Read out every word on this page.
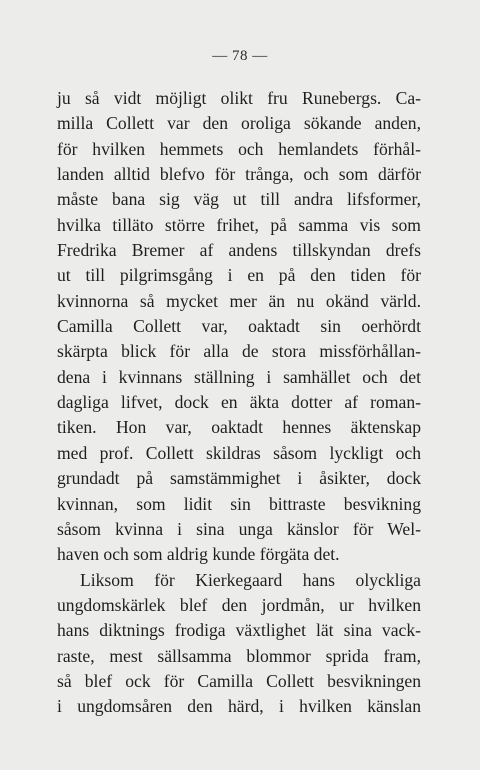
— 78 —
ju så vidt möjligt olikt fru Runebergs. Ca-
milla Collett var den oroliga sökande anden,
för hvilken hemmets och hemlandets förhål-
landen alltid blefvo för trånga, och som därför
måste bana sig väg ut till andra lifsformer,
hvilka tilläto större frihet, på samma vis som
Fredrika Bremer af andens tillskyndan drefs
ut till pilgrimsgång i en på den tiden för
kvinnorna så mycket mer än nu okänd värld.
Camilla Collett var, oaktadt sin oerhördt
skärpta blick för alla de stora missförhållan-
dena i kvinnans ställning i samhället och det
dagliga lifvet, dock en äkta dotter af roman-
tiken. Hon var, oaktadt hennes äktenskap
med prof. Collett skildras såsom lyckligt och
grundadt på samstämmighet i åsikter, dock
kvinnan, som lidit sin bittraste besvikning
såsom kvinna i sina unga känslor för Wel-
haven och som aldrig kunde förgäta det.
Liksom för Kierkegaard hans olyckliga
ungdomskärlek blef den jordmån, ur hvilken
hans diktnings frodiga växtlighet lät sina vack-
raste, mest sällsamma blommor sprida fram,
så blef ock för Camilla Collett besvikningen
i ungdomsåren den härd, i hvilken känslan
